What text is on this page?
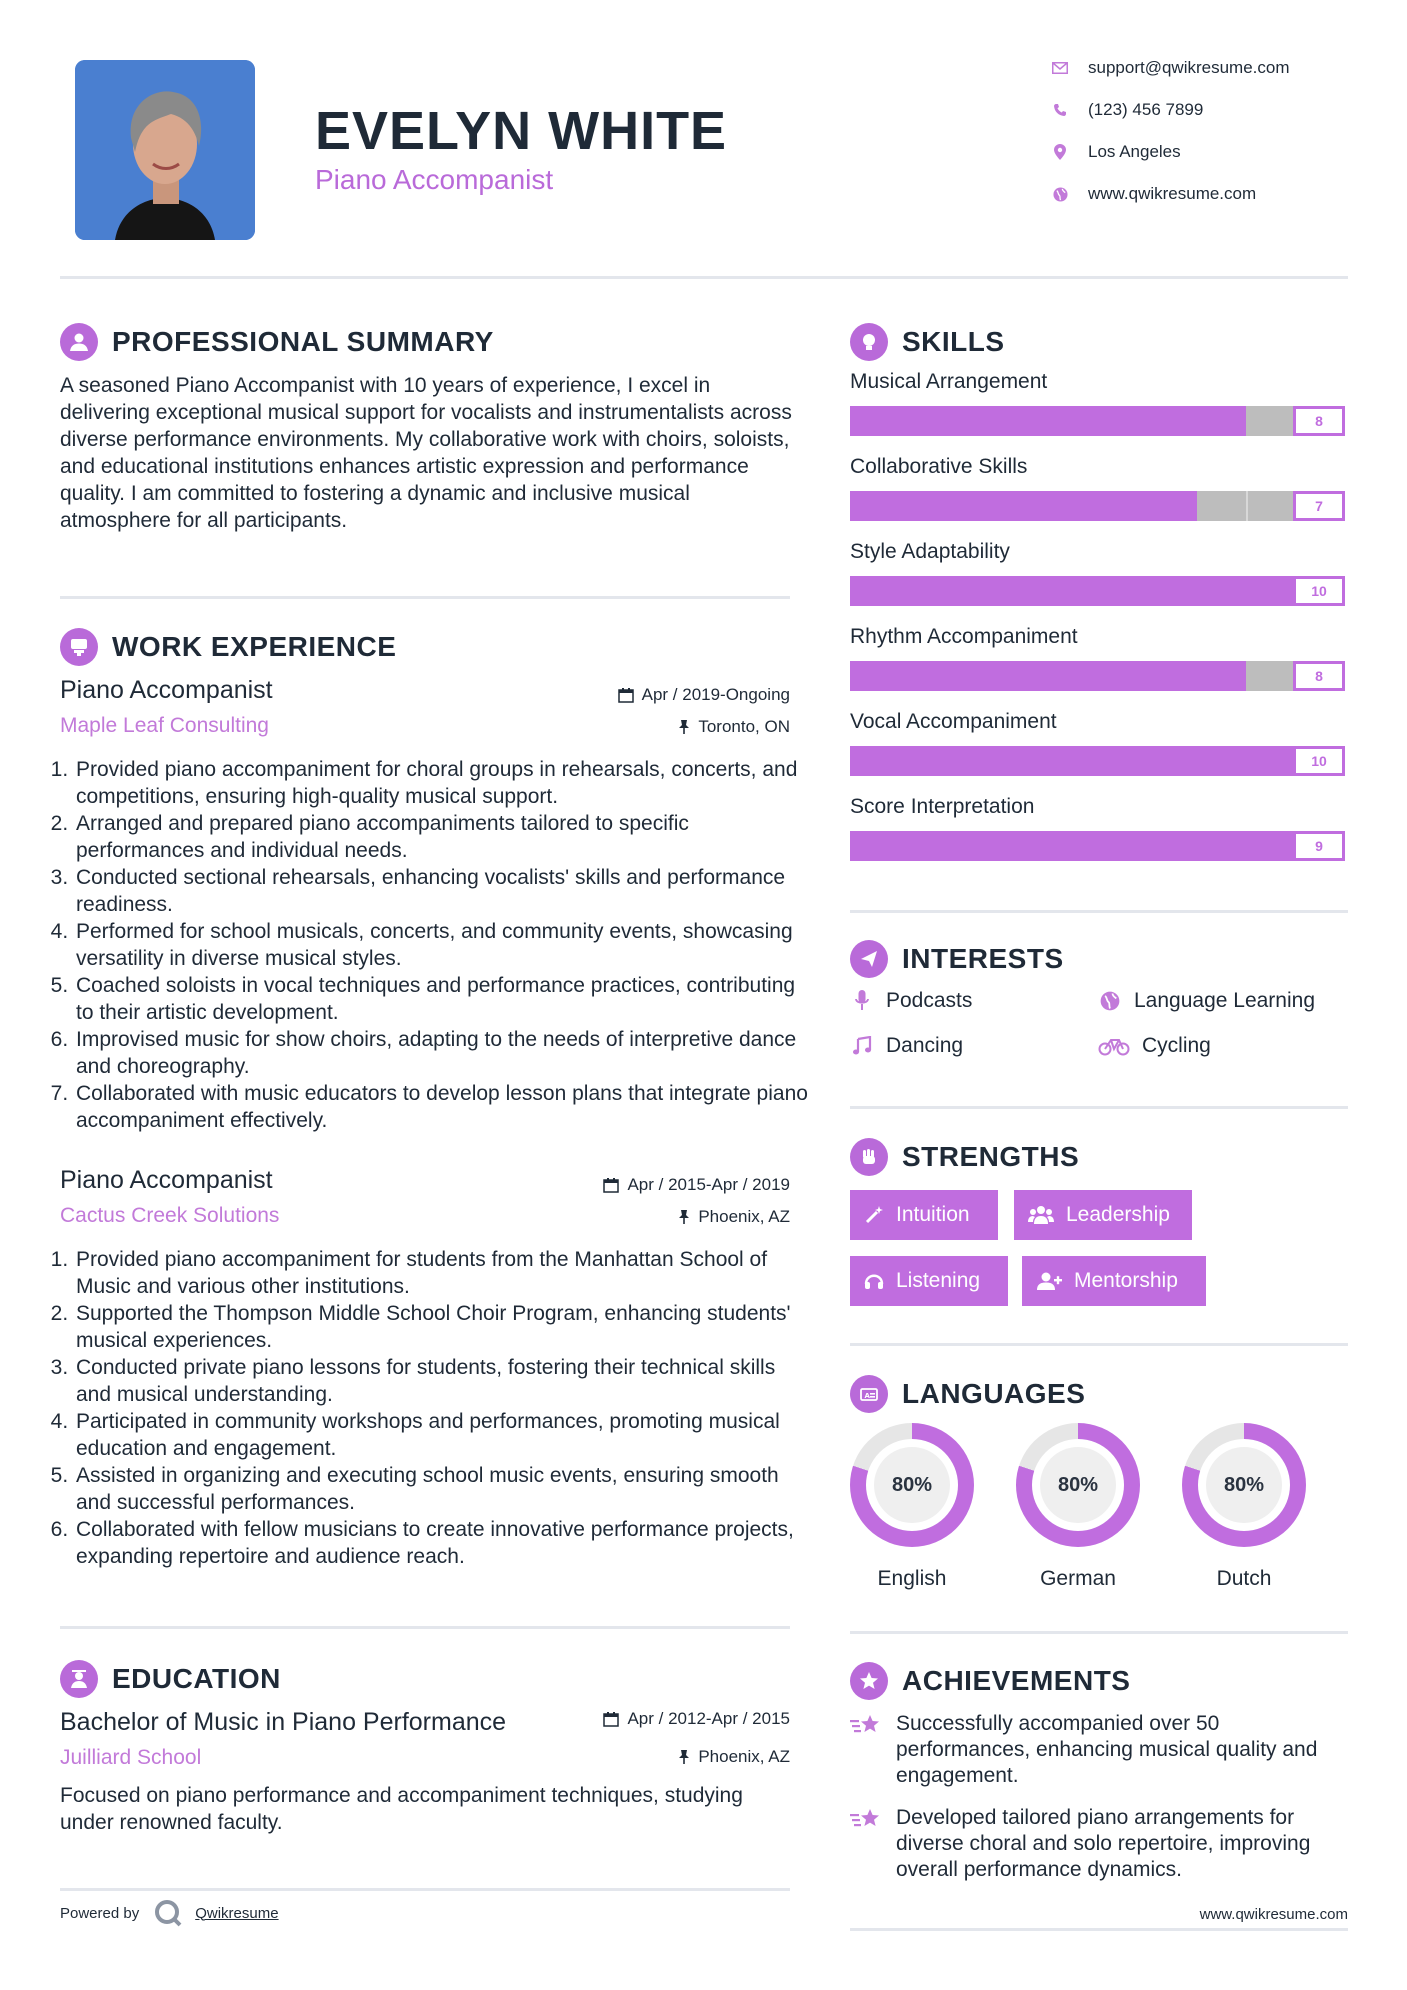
EVELYN WHITE
Piano Accompanist
support@qwikresume.com
(123) 456 7899
Los Angeles
www.qwikresume.com
PROFESSIONAL SUMMARY
A seasoned Piano Accompanist with 10 years of experience, I excel in delivering exceptional musical support for vocalists and instrumentalists across diverse performance environments. My collaborative work with choirs, soloists, and educational institutions enhances artistic expression and performance quality. I am committed to fostering a dynamic and inclusive musical atmosphere for all participants.
WORK EXPERIENCE
Piano Accompanist
Maple Leaf Consulting
Apr / 2019-Ongoing
Toronto, ON
1. Provided piano accompaniment for choral groups in rehearsals, concerts, and competitions, ensuring high-quality musical support.
2. Arranged and prepared piano accompaniments tailored to specific performances and individual needs.
3. Conducted sectional rehearsals, enhancing vocalists' skills and performance readiness.
4. Performed for school musicals, concerts, and community events, showcasing versatility in diverse musical styles.
5. Coached soloists in vocal techniques and performance practices, contributing to their artistic development.
6. Improvised music for show choirs, adapting to the needs of interpretive dance and choreography.
7. Collaborated with music educators to develop lesson plans that integrate piano accompaniment effectively.
Piano Accompanist
Cactus Creek Solutions
Apr / 2015-Apr / 2019
Phoenix, AZ
1. Provided piano accompaniment for students from the Manhattan School of Music and various other institutions.
2. Supported the Thompson Middle School Choir Program, enhancing students' musical experiences.
3. Conducted private piano lessons for students, fostering their technical skills and musical understanding.
4. Participated in community workshops and performances, promoting musical education and engagement.
5. Assisted in organizing and executing school music events, ensuring smooth and successful performances.
6. Collaborated with fellow musicians to create innovative performance projects, expanding repertoire and audience reach.
EDUCATION
Bachelor of Music in Piano Performance
Juilliard School
Apr / 2012-Apr / 2015
Phoenix, AZ
Focused on piano performance and accompaniment techniques, studying under renowned faculty.
Powered by	Qwikresume
SKILLS
Musical Arrangement
8
Collaborative Skills
7
Style Adaptability
10
Rhythm Accompaniment
8
Vocal Accompaniment
10
Score Interpretation
9
INTERESTS
Podcasts	Language Learning
Dancing	Cycling
STRENGTHS
Intuition	Leadership
Listening	Mentorship
A LANGUAGES
80%
English
80%
German
80%
Dutch
ACHIEVEMENTS
Successfully accompanied over 50 performances, enhancing musical quality and engagement.
Developed tailored piano arrangements for diverse choral and solo repertoire, improving overall performance dynamics.
www.qwikresume.com
